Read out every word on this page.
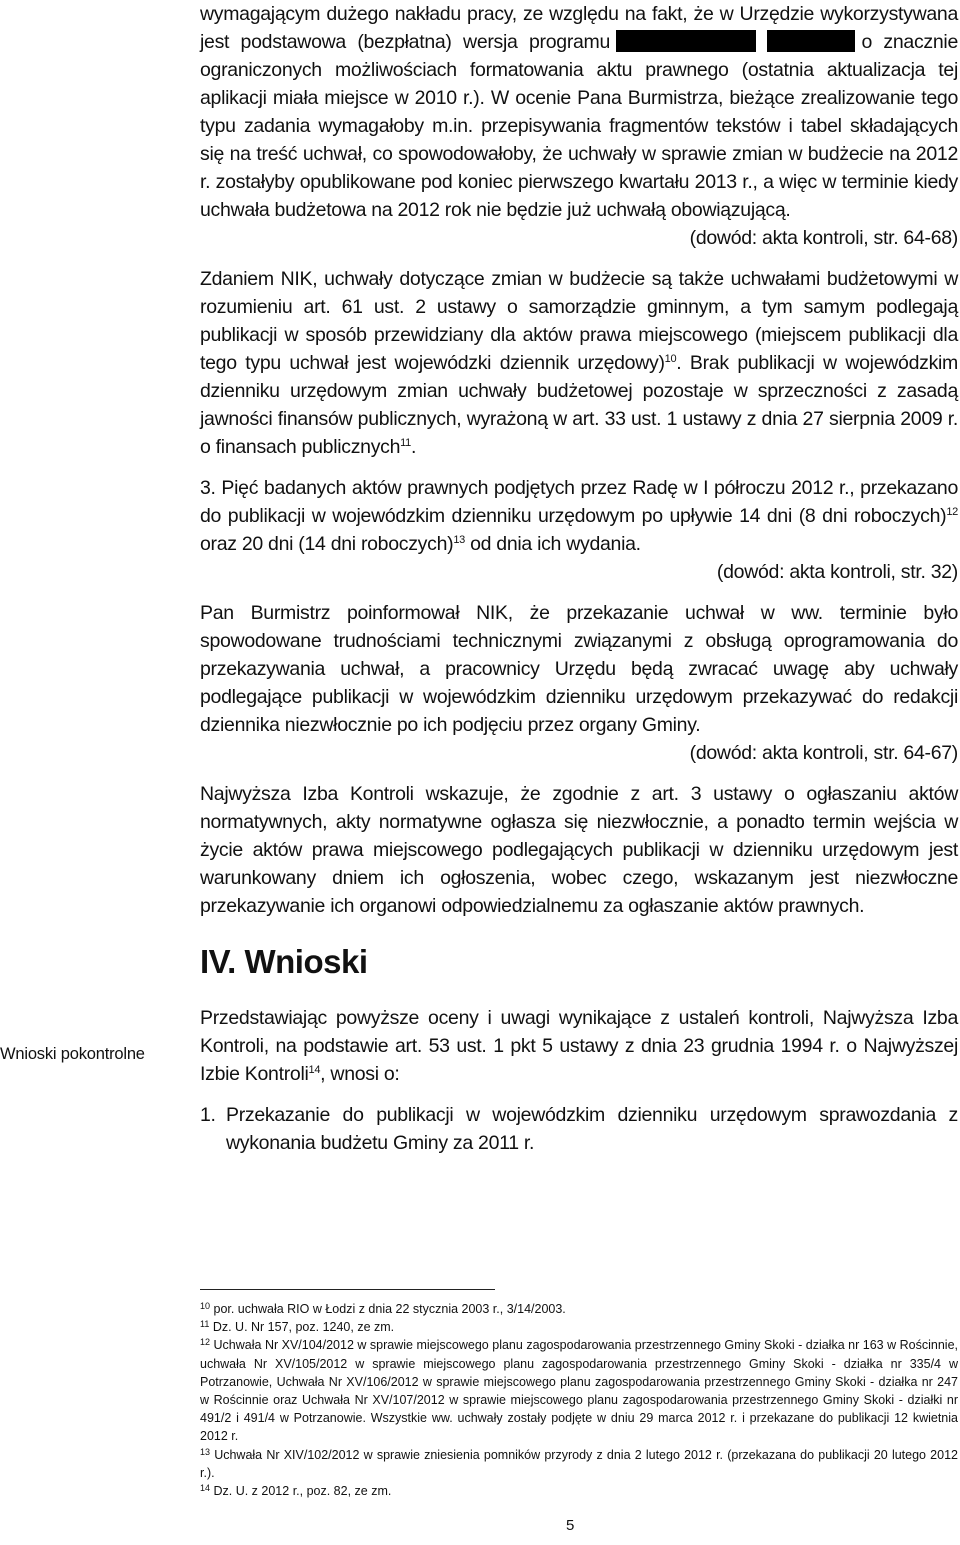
wymagającym dużego nakładu pracy, ze względu na fakt, że w Urzędzie wykorzystywana jest podstawowa (bezpłatna) wersja programu	o znacznie ograniczonych możliwościach formatowania aktu prawnego (ostatnia aktualizacja tej aplikacji miała miejsce w 2010 r.). W ocenie Pana Burmistrza, bieżące zrealizowanie tego typu zadania wymagałoby m.in. przepisywania fragmentów tekstów i tabel składających się na treść uchwał, co spowodowałoby, że uchwały w sprawie zmian w budżecie na 2012 r. zostałyby opublikowane pod koniec pierwszego kwartału 2013 r., a więc w terminie kiedy uchwała budżetowa na 2012 rok nie będzie już uchwałą obowiązującą.

(dowód: akta kontroli, str. 64-68)

Zdaniem NIK, uchwały dotyczące zmian w budżecie są także uchwałami budżetowymi w rozumieniu art. 61 ust. 2 ustawy o samorządzie gminnym, a tym samym podlegają publikacji w sposób przewidziany dla aktów prawa miejscowego (miejscem publikacji dla tego typu uchwał jest wojewódzki dziennik urzędowy)$^{10}$. Brak publikacji w wojewódzkim dzienniku urzędowym zmian uchwały budżetowej pozostaje w sprzeczności z zasadą jawności finansów publicznych, wyrażoną w art. 33 ust. 1 ustawy z dnia 27 sierpnia 2009 r. o finansach publicznych$^{11}$.

3. Pięć badanych aktów prawnych podjętych przez Radę w I półroczu 2012 r., przekazano do publikacji w wojewódzkim dzienniku urzędowym po upływie 14 dni (8 dni roboczych)$^{12}$ oraz 20 dni (14 dni roboczych)$^{13}$ od dnia ich wydania.

(dowód: akta kontroli, str. 32)

Pan Burmistrz poinformował NIK, że przekazanie uchwał w ww. terminie było spowodowane trudnościami technicznymi związanymi z obsługą oprogramowania do przekazywania uchwał, a pracownicy Urzędu będą zwracać uwagę aby uchwały podlegające publikacji w wojewódzkim dzienniku urzędowym przekazywać do redakcji dziennika niezwłocznie po ich podjęciu przez organy Gminy.

(dowód: akta kontroli, str. 64-67)

Najwyższa Izba Kontroli wskazuje, że zgodnie z art. 3 ustawy o ogłaszaniu aktów normatywnych, akty normatywne ogłasza się niezwłocznie, a ponadto termin wejścia w życie aktów prawa miejscowego podlegających publikacji w dzienniku urzędowym jest warunkowany dniem ich ogłoszenia, wobec czego, wskazanym jest niezwłoczne przekazywanie ich organowi odpowiedzialnemu za ogłaszanie aktów prawnych.

IV. Wnioski

Przedstawiając powyższe oceny i uwagi wynikające z ustaleń kontroli, Najwyższa Izba Kontroli, na podstawie art. 53 ust. 1 pkt 5 ustawy z dnia 23 grudnia 1994 r. o Najwyższej Izbie Kontroli$^{14}$, wnosi o:

1. Przekazanie do publikacji w wojewódzkim dzienniku urzędowym sprawozdania z wykonania budżetu Gminy za 2011 r.
Wnioski pokontrolne

$^{10}$ por. uchwała RIO w Łodzi z dnia 22 stycznia 2003 r., 3/14/2003.

$^{11}$ Dz. U. Nr 157, poz. 1240, ze zm.

$^{12}$ Uchwała Nr XV/104/2012 w sprawie miejscowego planu zagospodarowania przestrzennego Gminy Skoki - działka nr 163 w Rościnnie, uchwała Nr XV/105/2012 w sprawie miejscowego planu zagospodarowania przestrzennego Gminy Skoki - działka nr 335/4 w Potrzanowie, Uchwała Nr XV/106/2012 w sprawie miejscowego planu zagospodarowania przestrzennego Gminy Skoki - działka nr 247 w Rościnnie oraz Uchwała Nr XV/107/2012 w sprawie miejscowego planu zagospodarowania przestrzennego Gminy Skoki - działki nr 491/2 i 491/4 w Potrzanowie. Wszystkie ww. uchwały zostały podjęte w dniu 29 marca 2012 r. i przekazane do publikacji 12 kwietnia 2012 r.

$^{13}$ Uchwała Nr XIV/102/2012 w sprawie zniesienia pomników przyrody z dnia 2 lutego 2012 r. (przekazana do publikacji 20 lutego 2012 r.).

$^{14}$ Dz. U. z 2012 r., poz. 82, ze zm.

5
